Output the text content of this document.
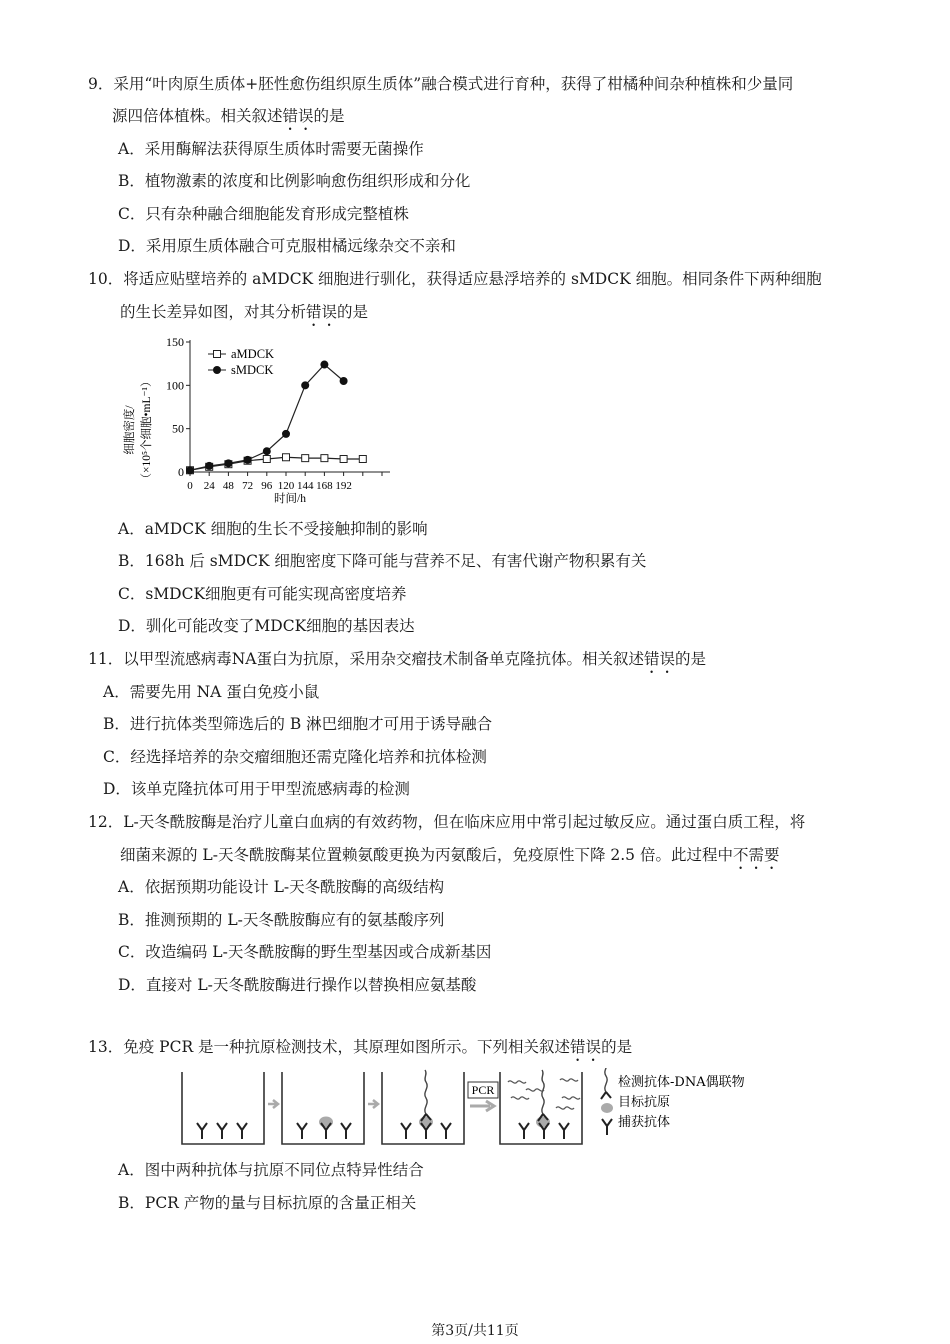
9．采用“叶肉原生质体+胚性愈伤组织原生质体”融合模式进行育种，获得了柑橘种间杂种植株和少量同
源四倍体植株。相关叙述错误的是
A．采用酶解法获得原生质体时需要无菌操作
B．植物激素的浓度和比例影响愈伤组织形成和分化
C．只有杂种融合细胞能发育形成完整植株
D．采用原生质体融合可克服柑橘远缘杂交不亲和
10．将适应贴壁培养的 aMDCK 细胞进行驯化，获得适应悬浮培养的 sMDCK 细胞。相同条件下两种细胞
的生长差异如图，对其分析错误的是
0
50
100
150
0 24 48 72 96 120 144 168 192
细胞密度/ （×10⁵个细胞•mL⁻¹）
时间/h
aMDCK
sMDCK
A．aMDCK 细胞的生长不受接触抑制的影响
B．168h 后 sMDCK 细胞密度下降可能与营养不足、有害代谢产物积累有关
C．sMDCK细胞更有可能实现高密度培养
D．驯化可能改变了MDCK细胞的基因表达
11．以甲型流感病毒NA蛋白为抗原，采用杂交瘤技术制备单克隆抗体。相关叙述错误的是
A．需要先用 NA 蛋白免疫小鼠
B．进行抗体类型筛选后的 B 淋巴细胞才可用于诱导融合
C．经选择培养的杂交瘤细胞还需克隆化培养和抗体检测
D．该单克隆抗体可用于甲型流感病毒的检测
12．L-天冬酰胺酶是治疗儿童白血病的有效药物，但在临床应用中常引起过敏反应。通过蛋白质工程，将
细菌来源的 L-天冬酰胺酶某位置赖氨酸更换为丙氨酸后，免疫原性下降 2.5 倍。此过程中不需要
A．依据预期功能设计 L-天冬酰胺酶的高级结构
B．推测预期的 L-天冬酰胺酶应有的氨基酸序列
C．改造编码 L-天冬酰胺酶的野生型基因或合成新基因
D．直接对 L-天冬酰胺酶进行操作以替换相应氨基酸
13．免疫 PCR 是一种抗原检测技术，其原理如图所示。下列相关叙述错误的是
PCR	检测抗体-DNA偶联物
目标抗原
捕获抗体
A．图中两种抗体与抗原不同位点特异性结合
B．PCR 产物的量与目标抗原的含量正相关
第3页/共11页
